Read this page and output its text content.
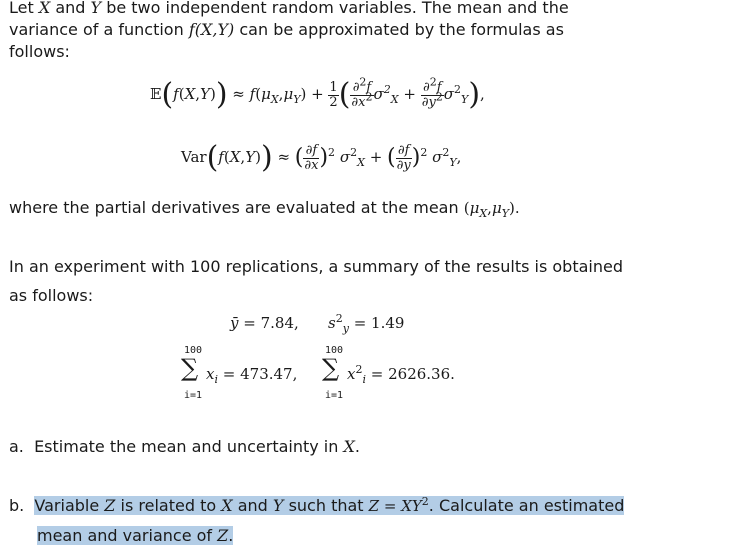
Let X and Y be two independent random variables. The mean and the
variance of a function f(X,Y) can be approximated by the formulas as
follows:
𝔼(f(X,Y)) ≈ $f(\mu_X,\mu_Y) + \frac{1}{2}$ ( $\frac{\partial^2f}{\partial x^2} \sigma^2_X + \frac{\partial^2f}{\partial y^2} \sigma^2_Y$),
Var(f(X,Y)) ≈ ( $\frac{\partial f}{\partial x} )^2$ $\sigma^2_X$ + ( $\frac{\partial f}{\partial y} )^2$ $\sigma^2_Y$,
where the partial derivatives are evaluated at the mean $(\mu_X,\mu_Y)$.
In an experiment with 100 replications, a summary of the results is obtained
as follows:
ȳ = 7.84, $s^2_y = 1.49$
100
∑
i=1
$x_i = 473.47$,
100
∑
i=1
$x^2_i = 2626.36$.
a. Estimate the mean and uncertainty in X.
b. Variable Z is related to X and Y such that $Z = XY^2$. Calculate an estimated
mean and variance of Z.
